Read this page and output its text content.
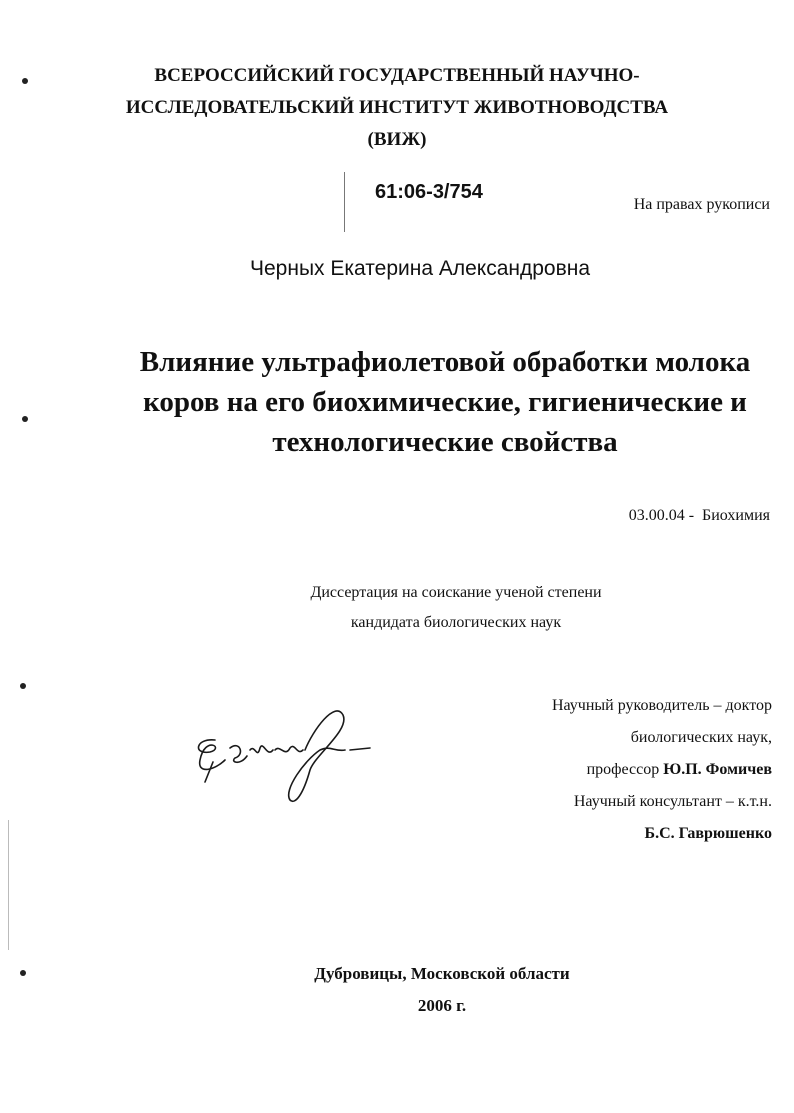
ВСЕРОССИЙСКИЙ ГОСУДАРСТВЕННЫЙ НАУЧНО-
ИССЛЕДОВАТЕЛЬСКИЙ ИНСТИТУТ ЖИВОТНОВОДСТВА
(ВИЖ)
61:06-3/754
На правах рукописи
Черных Екатерина Александровна
Влияние ультрафиолетовой обработки молока
коров на его биохимические, гигиенические и
технологические свойства
03.00.04 -  Биохимия
Диссертация на соискание ученой степени
кандидата биологических наук
Научный руководитель – доктор
биологических наук,
профессор Ю.П. Фомичев
Научный консультант – к.т.н.
Б.С. Гаврюшенко
Дубровицы, Московской области
2006 г.
